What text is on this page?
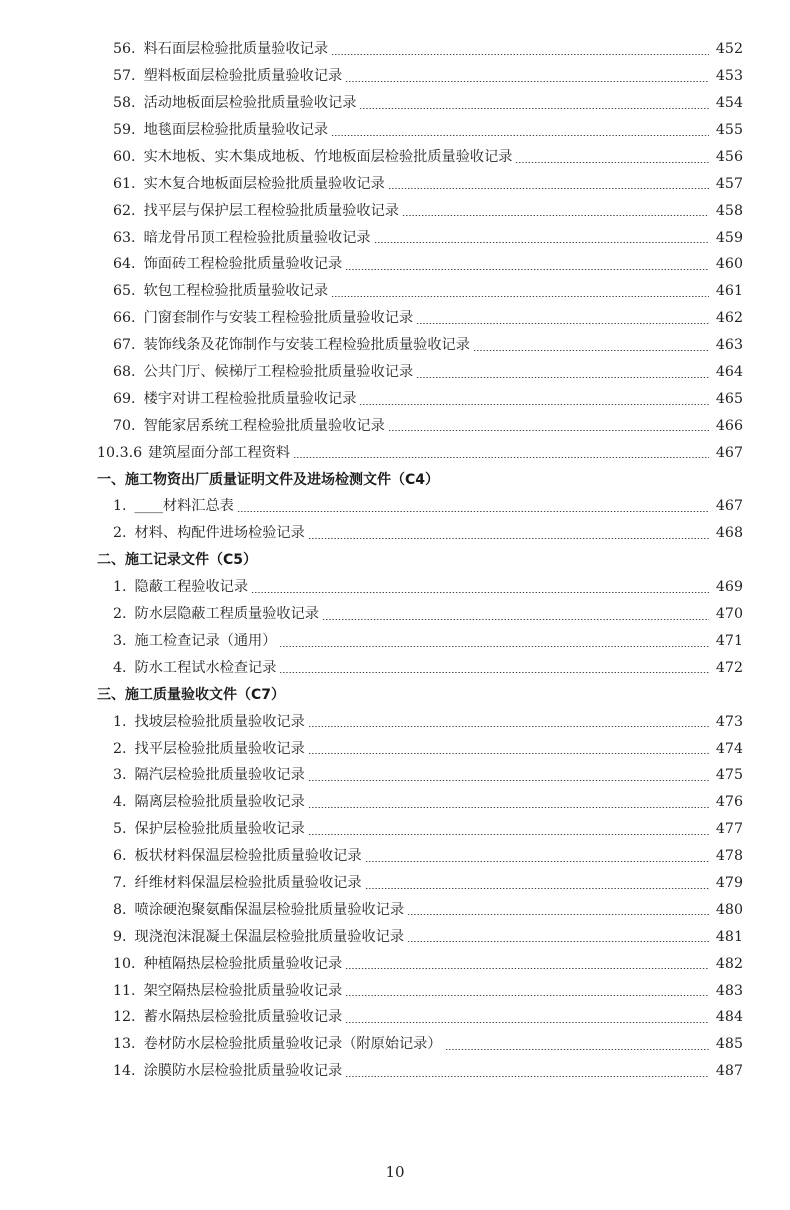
56. 料石面层检验批质量验收记录	452
57. 塑料板面层检验批质量验收记录	453
58. 活动地板面层检验批质量验收记录	454
59. 地毯面层检验批质量验收记录	455
60. 实木地板、实木集成地板、竹地板面层检验批质量验收记录	456
61. 实木复合地板面层检验批质量验收记录	457
62. 找平层与保护层工程检验批质量验收记录	458
63. 暗龙骨吊顶工程检验批质量验收记录	459
64. 饰面砖工程检验批质量验收记录	460
65. 软包工程检验批质量验收记录	461
66. 门窗套制作与安装工程检验批质量验收记录	462
67. 装饰线条及花饰制作与安装工程检验批质量验收记录	463
68. 公共门厅、候梯厅工程检验批质量验收记录	464
69. 楼宇对讲工程检验批质量验收记录	465
70. 智能家居系统工程检验批质量验收记录	466
10.3.6 建筑屋面分部工程资料	467
一、施工物资出厂质量证明文件及进场检测文件（C4）
1. ____材料汇总表	467
2. 材料、构配件进场检验记录	468
二、施工记录文件（C5）
1. 隐蔽工程验收记录	469
2. 防水层隐蔽工程质量验收记录	470
3. 施工检查记录（通用）	471
4. 防水工程试水检查记录	472
三、施工质量验收文件（C7）
1. 找坡层检验批质量验收记录	473
2. 找平层检验批质量验收记录	474
3. 隔汽层检验批质量验收记录	475
4. 隔离层检验批质量验收记录	476
5. 保护层检验批质量验收记录	477
6. 板状材料保温层检验批质量验收记录	478
7. 纤维材料保温层检验批质量验收记录	479
8. 喷涂硬泡聚氨酯保温层检验批质量验收记录	480
9. 现浇泡沫混凝土保温层检验批质量验收记录	481
10. 种植隔热层检验批质量验收记录	482
11. 架空隔热层检验批质量验收记录	483
12. 蓄水隔热层检验批质量验收记录	484
13. 卷材防水层检验批质量验收记录（附原始记录）	485
14. 涂膜防水层检验批质量验收记录	487
10
